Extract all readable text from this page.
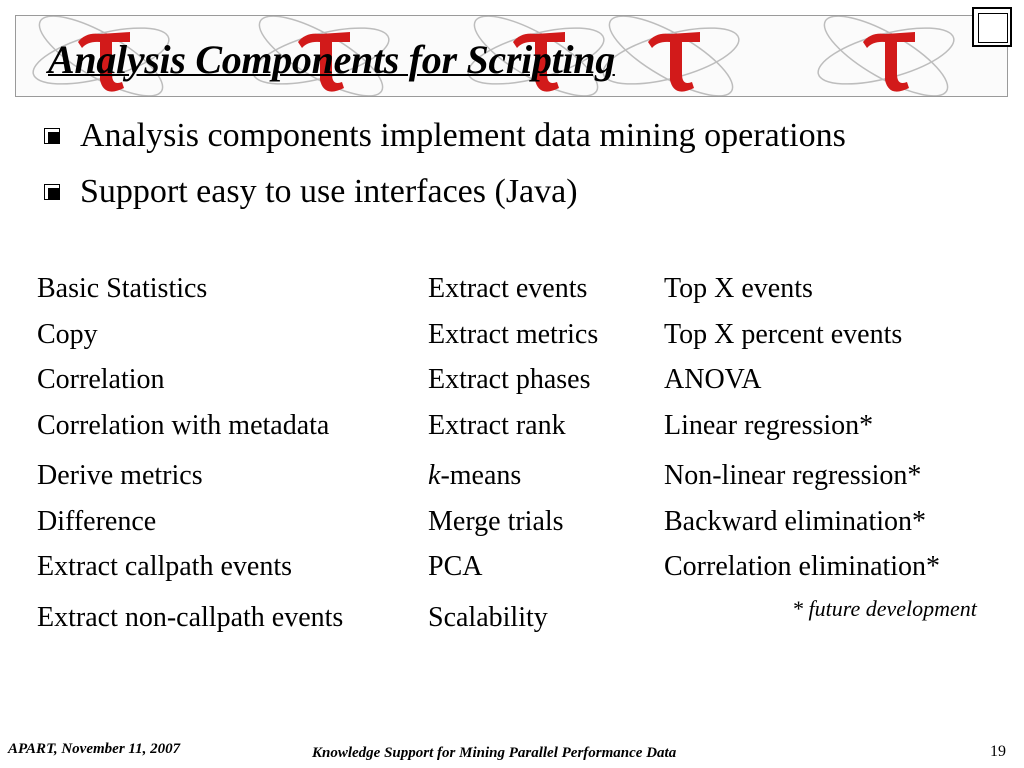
Analysis Components for Scripting
Analysis components implement data mining operations
Support easy to use interfaces (Java)
Basic Statistics
Copy
Correlation
Correlation with metadata
Derive metrics
Difference
Extract callpath events
Extract non-callpath events
Extract events
Extract metrics
Extract phases
Extract rank
k-means
Merge trials
PCA
Scalability
Top X events
Top X percent events
ANOVA
Linear regression*
Non-linear regression*
Backward elimination*
Correlation elimination*
* future development
APART, November 11, 2007	Knowledge Support for Mining Parallel Performance Data	19
